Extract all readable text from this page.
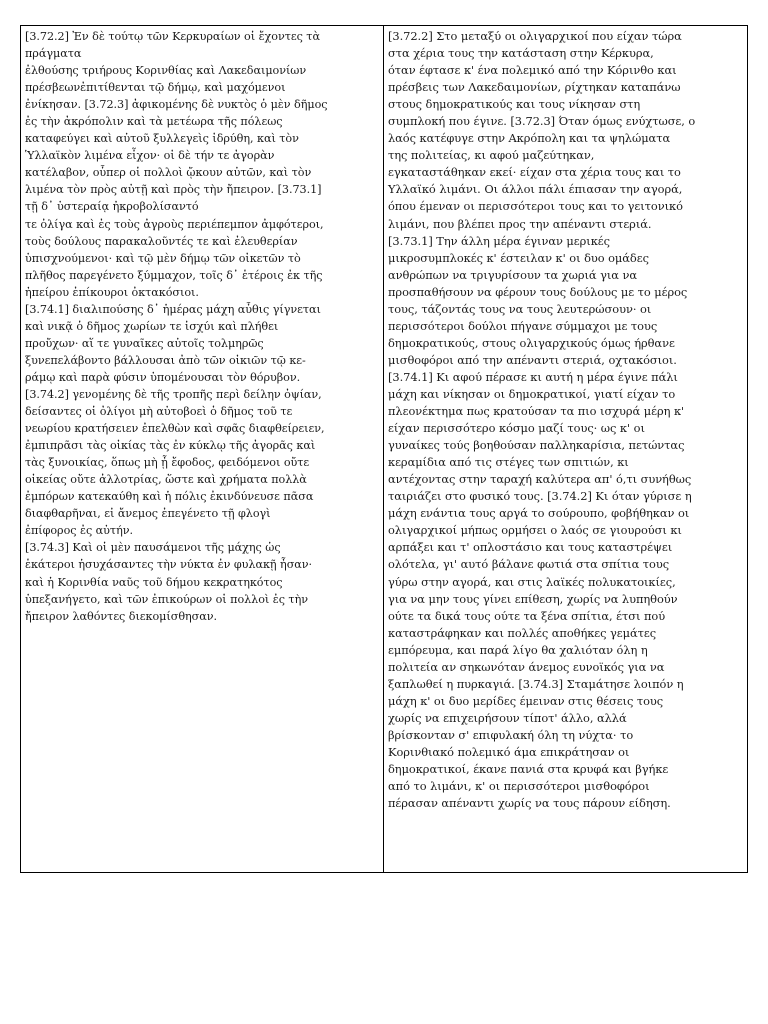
[3.72.2] Ἐν δὲ τούτῳ τῶν Κερκυραίων οἱ ἔχοντες τὰ
πράγματα
ἐλθούσης τριήρους Κορινθίας καὶ Λακεδαιμονίων
πρέσβεωνἐπιτίθενται τῷ δήμῳ, καὶ μαχόμενοι
ἐνίκησαν. [3.72.3] ἀφικομένης δὲ νυκτὸς ὁ μὲν δῆμος
ἐς τὴν ἀκρόπολιν καὶ τὰ μετέωρα τῆς πόλεως
καταφεύγει καὶ αὐτοῦ ξυλλεγεὶς ἱδρύθη, καὶ τὸν
Ὑλλαϊκὸν λιμένα εἶχον· οἱ δὲ τήν τε ἀγορὰν
κατέλαβον, οὗπερ οἱ πολλοὶ ᾤκουν αὐτῶν, καὶ τὸν
λιμένα τὸν πρὸς αὐτῇ καὶ πρὸς τὴν ἤπειρον. [3.73.1]
τῇ δ᾽ ὑστεραίᾳ ἠκροβολίσαντό
τε ὀλίγα καὶ ἐς τοὺς ἀγροὺς περιέπεμπον ἀμφότεροι,
τοὺς δούλους παρακαλοῦντές τε καὶ ἐλευθερίαν
ὑπισχνούμενοι· καὶ τῷ μὲν δήμῳ τῶν οἰκετῶν τὸ
πλῆθος παρεγένετο ξύμμαχον, τοῖς δ᾽ ἑτέροις ἐκ τῆς
ἠπείρου ἐπίκουροι ὀκτακόσιοι.
[3.74.1] διαλιπούσης δ᾽ ἡμέρας μάχη αὖθις γίγνεται
καὶ νικᾷ ὁ δῆμος χωρίων τε ἰσχύι καὶ πλήθει
προὔχων· αἵ τε γυναῖκες αὐτοῖς τολμηρῶς
ξυνεπελάβοντο βάλλουσαι ἀπὸ τῶν οἰκιῶν τῷ κε-
ράμῳ καὶ παρὰ φύσιν ὑπομένουσαι τὸν θόρυβον.
[3.74.2] γενομένης δὲ τῆς τροπῆς περὶ δείλην ὀψίαν,
δείσαντες οἱ ὀλίγοι μὴ αὐτοβοεὶ ὁ δῆμος τοῦ τε
νεωρίου κρατήσειεν ἐπελθὼν καὶ σφᾶς διαφθείρειεν,
ἐμπιπρᾶσι τὰς οἰκίας τὰς ἐν κύκλῳ τῆς ἀγορᾶς καὶ
τὰς ξυνοικίας, ὅπως μὴ ᾖ ἔφοδος, φειδόμενοι οὔτε
οἰκείας οὔτε ἀλλοτρίας, ὥστε καὶ χρήματα πολλὰ
ἐμπόρων κατεκαύθη καὶ ἡ πόλις ἐκινδύνευσε πᾶσα
διαφθαρῆναι, εἰ ἄνεμος ἐπεγένετο τῇ φλογὶ
ἐπίφορος ἐς αὐτήν.
[3.74.3] Καὶ οἱ μὲν παυσάμενοι τῆς μάχης ὡς
ἑκάτεροι ἡσυχάσαντες τὴν νύκτα ἐν φυλακῇ ἦσαν·
καὶ ἡ Κορινθία ναῦς τοῦ δήμου κεκρατηκότος
ὑπεξανήγετο, καὶ τῶν ἐπικούρων οἱ πολλοὶ ἐς τὴν
ἤπειρον λαθόντες διεκομίσθησαν.

[3.72.2] Στο μεταξύ οι ολιγαρχικοί που είχαν τώρα
στα χέρια τους την κατάσταση στην Κέρκυρα,
όταν έφτασε κ' ένα πολεμικό από την Κόρινθο και
πρέσβεις των Λακεδαιμονίων, ρίχτηκαν καταπάνω
στους δημοκρατικούς και τους νίκησαν στη
συμπλοκή που έγινε. [3.72.3] Όταν όμως ενύχτωσε, ο
λαός κατέφυγε στην Ακρόπολη και τα ψηλώματα
της πολιτείας, κι αφού μαζεύτηκαν,
εγκαταστάθηκαν εκεί· είχαν στα χέρια τους και το
Υλλαϊκό λιμάνι. Οι άλλοι πάλι έπιασαν την αγορά,
όπου έμεναν οι περισσότεροι τους και το γειτονικό
λιμάνι, που βλέπει προς την απέναντι στεριά.
[3.73.1] Την άλλη μέρα έγιναν μερικές
μικροσυμπλοκές κ' έστειλαν κ' οι δυο ομάδες
ανθρώπων να τριγυρίσουν τα χωριά για να
προσπαθήσουν να φέρουν τους δούλους με το μέρος
τους, τάζοντάς τους να τους λευτερώσουν· οι
περισσότεροι δούλοι πήγανε σύμμαχοι με τους
δημοκρατικούς, στους ολιγαρχικούς όμως ήρθανε
μισθοφόροι από την απέναντι στεριά, οχτακόσιοι.
[3.74.1] Κι αφού πέρασε κι αυτή η μέρα έγινε πάλι
μάχη και νίκησαν οι δημοκρατικοί, γιατί είχαν το
πλεονέκτημα πως κρατούσαν τα πιο ισχυρά μέρη κ'
είχαν περισσότερο κόσμο μαζί τους· ως κ' οι
γυναίκες τούς βοηθούσαν παλληκαρίσια, πετώντας
κεραμίδια από τις στέγες των σπιτιών, κι
αντέχοντας στην ταραχή καλύτερα απ' ό,τι συνήθως
ταιριάζει στο φυσικό τους. [3.74.2] Κι όταν γύρισε η
μάχη ενάντια τους αργά το σούρουπο, φοβήθηκαν οι
ολιγαρχικοί μήπως ορμήσει ο λαός σε γιουρούσι κι
αρπάξει και τ' οπλοστάσιο και τους καταστρέψει
ολότελα, γι' αυτό βάλανε φωτιά στα σπίτια τους
γύρω στην αγορά, και στις λαϊκές πολυκατοικίες,
για να μην τους γίνει επίθεση, χωρίς να λυπηθούν
ούτε τα δικά τους ούτε τα ξένα σπίτια, έτσι πού
καταστράφηκαν και πολλές αποθήκες γεμάτες
εμπόρευμα, και παρά λίγο θα χαλιόταν όλη η
πολιτεία αν σηκωνόταν άνεμος ευνοϊκός για να
ξαπλωθεί η πυρκαγιά. [3.74.3] Σταμάτησε λοιπόν η
μάχη κ' οι δυο μερίδες έμειναν στις θέσεις τους
χωρίς να επιχειρήσουν τίποτ' άλλο, αλλά
βρίσκονταν σ' επιφυλακή όλη τη νύχτα· το
Κορινθιακό πολεμικό άμα επικράτησαν οι
δημοκρατικοί, έκανε πανιά στα κρυφά και βγήκε
από το λιμάνι, κ' οι περισσότεροι μισθοφόροι
πέρασαν απέναντι χωρίς να τους πάρουν είδηση.
